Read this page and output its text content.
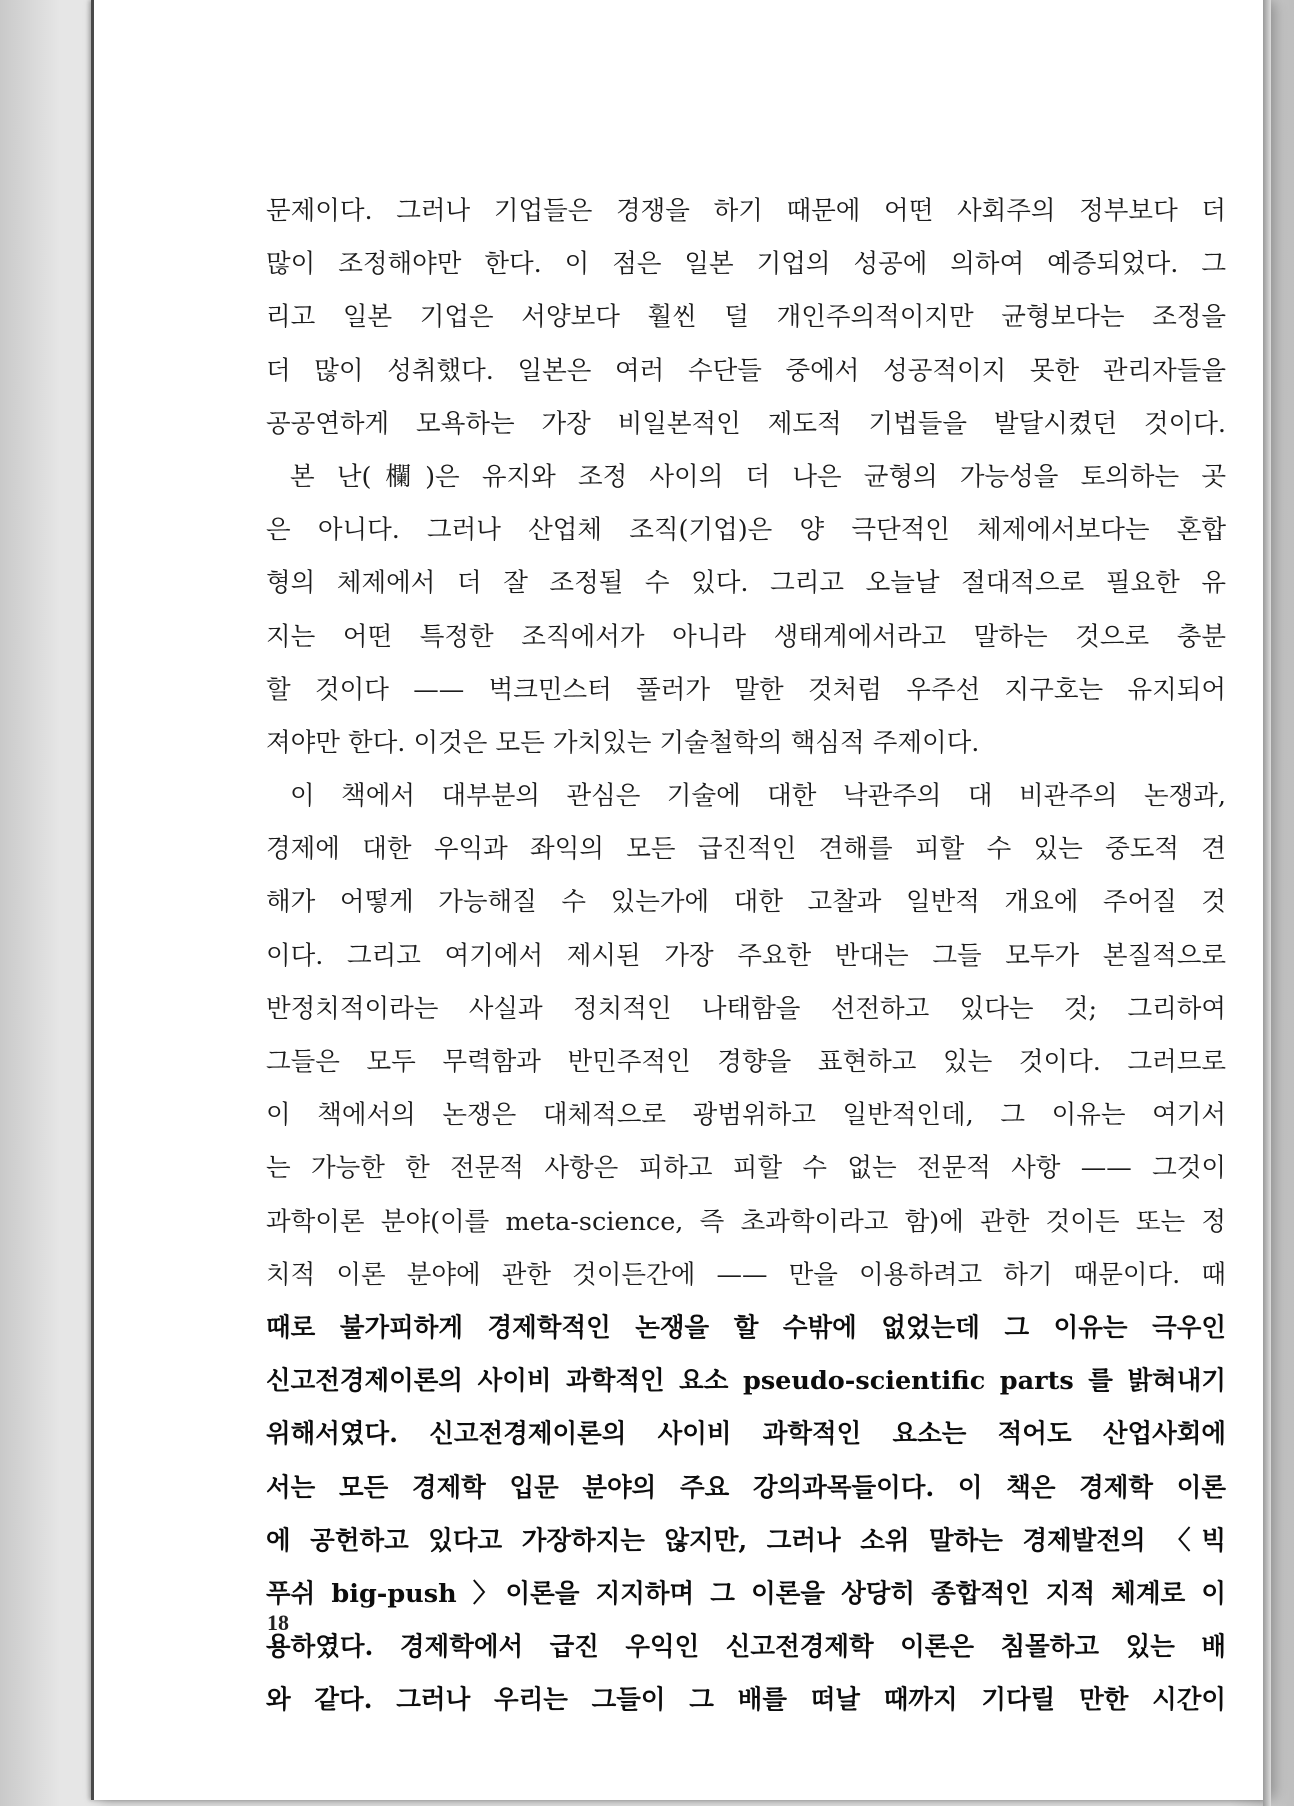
문제이다. 그러나 기업들은 경쟁을 하기 때문에 어떤 사회주의 정부보다 더
많이 조정해야만 한다. 이 점은 일본 기업의 성공에 의하여 예증되었다. 그
리고 일본 기업은 서양보다 훨씬 덜 개인주의적이지만 균형보다는 조정을
더 많이 성취했다. 일본은 여러 수단들 중에서 성공적이지 못한 관리자들을
공공연하게 모욕하는 가장 비일본적인 제도적 기법들을 발달시켰던 것이다.
본 난(欄)은 유지와 조정 사이의 더 나은 균형의 가능성을 토의하는 곳
은 아니다. 그러나 산업체 조직(기업)은 양 극단적인 체제에서보다는 혼합
형의 체제에서 더 잘 조정될 수 있다. 그리고 오늘날 절대적으로 필요한 유
지는 어떤 특정한 조직에서가 아니라 생태계에서라고 말하는 것으로 충분
할 것이다 —— 벅크민스터 풀러가 말한 것처럼 우주선 지구호는 유지되어
져야만 한다. 이것은 모든 가치있는 기술철학의 핵심적 주제이다.
이 책에서 대부분의 관심은 기술에 대한 낙관주의 대 비관주의 논쟁과,
경제에 대한 우익과 좌익의 모든 급진적인 견해를 피할 수 있는 중도적 견
해가 어떻게 가능해질 수 있는가에 대한 고찰과 일반적 개요에 주어질 것
이다. 그리고 여기에서 제시된 가장 주요한 반대는 그들 모두가 본질적으로
반정치적이라는 사실과 정치적인 나태함을 선전하고 있다는 것; 그리하여
그들은 모두 무력함과 반민주적인 경향을 표현하고 있는 것이다. 그러므로
이 책에서의 논쟁은 대체적으로 광범위하고 일반적인데, 그 이유는 여기서
는 가능한 한 전문적 사항은 피하고 피할 수 없는 전문적 사항 —— 그것이
과학이론 분야(이를 meta-science, 즉 초과학이라고 함)에 관한 것이든 또는 정
치적 이론 분야에 관한 것이든간에 —— 만을 이용하려고 하기 때문이다. 때
때로 불가피하게 경제학적인 논쟁을 할 수밖에 없었는데 그 이유는 극우인
신고전경제이론의 사이비 과학적인 요소 pseudo-scientific parts 를 밝혀내기
위해서였다. 신고전경제이론의 사이비 과학적인 요소는 적어도 산업사회에
서는 모든 경제학 입문 분야의 주요 강의과목들이다. 이 책은 경제학 이론
에 공헌하고 있다고 가장하지는 않지만, 그러나 소위 말하는 경제발전의 〈빅
푸쉬 big-push 〉이론을 지지하며 그 이론을 상당히 종합적인 지적 체계로 이
용하였다. 경제학에서 급진 우익인 신고전경제학 이론은 침몰하고 있는 배
와 같다. 그러나 우리는 그들이 그 배를 떠날 때까지 기다릴 만한 시간이
18
